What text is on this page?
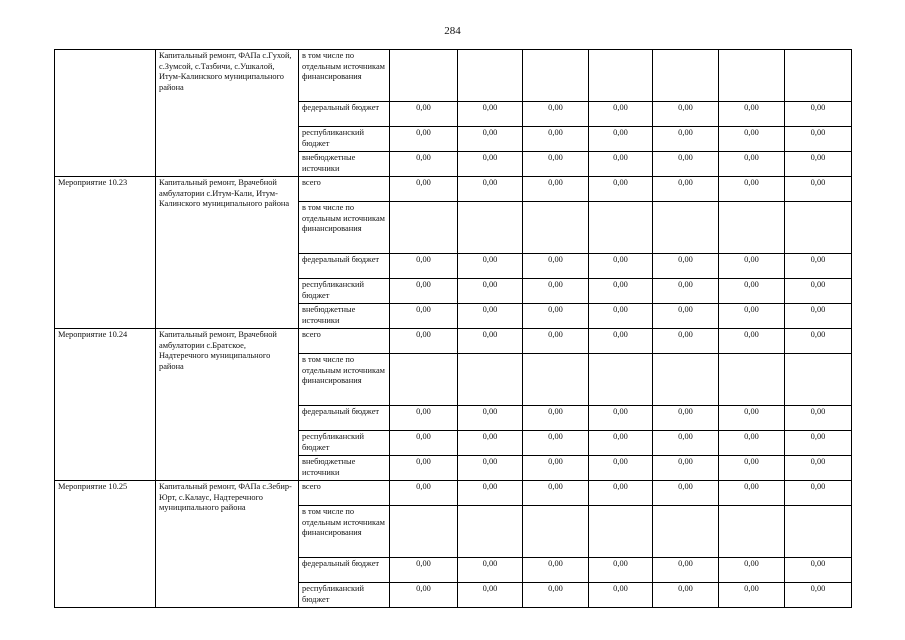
284
	Капитальный ремонт, ФАПа с.Гухой, с.Зумсой, с.Тазбичи, с.Ушкалой, Итум-Калинского муниципального района	в том числе по отдельным источникам финансирования							
		федеральный бюджет	0,00	0,00	0,00	0,00	0,00	0,00	0,00
		республиканский бюджет	0,00	0,00	0,00	0,00	0,00	0,00	0,00
		внебюджетные источники	0,00	0,00	0,00	0,00	0,00	0,00	0,00
Мероприятие 10.23	Капитальный ремонт, Врачебной амбулатории с.Итум-Кали, Итум-Калинского муниципального района	всего	0,00	0,00	0,00	0,00	0,00	0,00	0,00
		в том числе по отдельным источникам финансирования							
		федеральный бюджет	0,00	0,00	0,00	0,00	0,00	0,00	0,00
		республиканский бюджет	0,00	0,00	0,00	0,00	0,00	0,00	0,00
		внебюджетные источники	0,00	0,00	0,00	0,00	0,00	0,00	0,00
Мероприятие 10.24	Капитальный ремонт, Врачебной амбулатории с.Братское, Надтеречного муниципального района	всего	0,00	0,00	0,00	0,00	0,00	0,00	0,00
		в том числе по отдельным источникам финансирования							
		федеральный бюджет	0,00	0,00	0,00	0,00	0,00	0,00	0,00
		республиканский бюджет	0,00	0,00	0,00	0,00	0,00	0,00	0,00
		внебюджетные источники	0,00	0,00	0,00	0,00	0,00	0,00	0,00
Мероприятие 10.25	Капитальный ремонт, ФАПа с.Зебир-Юрт, с.Калаус, Надтеречного муниципального района	всего	0,00	0,00	0,00	0,00	0,00	0,00	0,00
		в том числе по отдельным источникам финансирования							
		федеральный бюджет	0,00	0,00	0,00	0,00	0,00	0,00	0,00
		республиканский бюджет	0,00	0,00	0,00	0,00	0,00	0,00	0,00
